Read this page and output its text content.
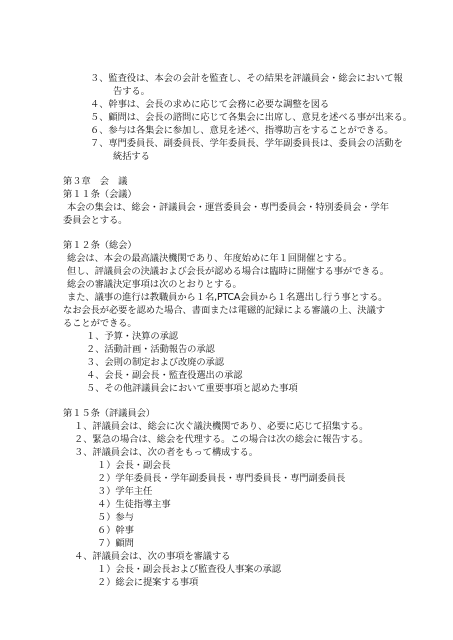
３、監査役は、本会の会計を監査し、その結果を評議員会・総会において報
告する。
４、幹事は、会長の求めに応じて会務に必要な調整を図る
５、顧問は、会長の諮問に応じて各集会に出席し、意見を述べる事が出来る。
６、参与は各集会に参加し、意見を述べ、指導助言をすることができる。
７、専門委員長、副委員長、学年委員長、学年副委員長は、委員会の活動を
統括する
第３章　会　議
第１１条（会議）
本会の集会は、総会・評議員会・運営委員会・専門委員会・特別委員会・学年
委員会とする。
第１２条（総会）
総会は、本会の最高議決機関であり、年度始めに年１回開催とする。
但し、評議員会の決議および会長が認める場合は臨時に開催する事ができる。
総会の審議決定事項は次のとおりとする。
また、議事の進行は教職員から１名,PTCA会員から１名選出し行う事とする。
なお会長が必要を認めた場合、書面または電磁的記録による審議の上、決議す
ることができる。
１、予算・決算の承認
２、活動計画・活動報告の承認
３、会則の制定および改廃の承認
４、会長・副会長・監査役選出の承認
５、その他評議員会において重要事項と認めた事項
第１５条（評議員会）
１、評議員会は、総会に次ぐ議決機関であり、必要に応じて招集する。
２、緊急の場合は、総会を代理する。この場合は次の総会に報告する。
３、評議員会は、次の者をもって構成する。
１）会長・副会長
２）学年委員長・学年副委員長・専門委員長・専門副委員長
３）学年主任
４）生徒指導主事
５）参与
６）幹事
７）顧問
４、評議員会は、次の事項を審議する
１）会長・副会長および監査役人事案の承認
２）総会に提案する事項
